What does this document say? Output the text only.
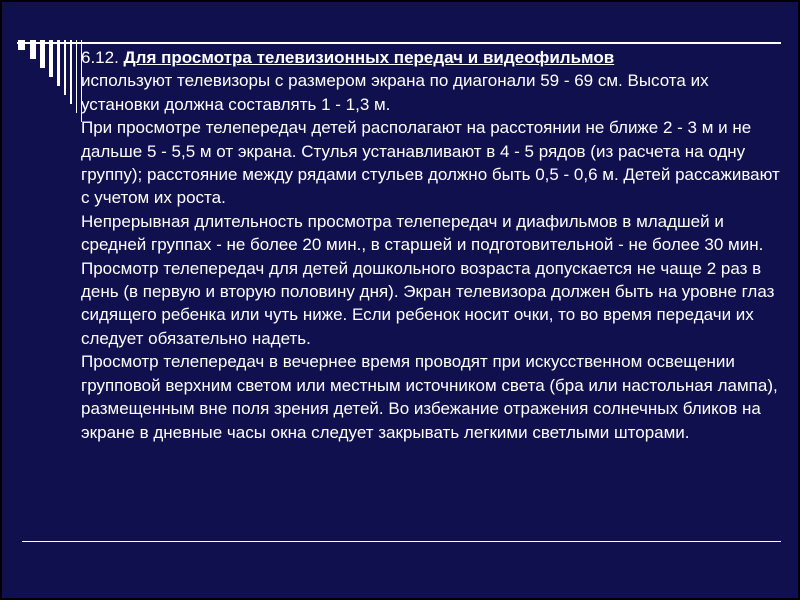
6.12. Для просмотра телевизионных передач и видеофильмов
используют телевизоры с размером экрана по диагонали 59 - 69 см. Высота их установки должна составлять 1 - 1,3 м.

При просмотре телепередач детей располагают на расстоянии не ближе 2 - 3 м и не дальше 5 - 5,5 м от экрана. Стулья устанавливают в 4 - 5 рядов (из расчета на одну группу); расстояние между рядами стульев должно быть 0,5 - 0,6 м. Детей рассаживают с учетом их роста.

Непрерывная длительность просмотра телепередач и диафильмов в младшей и средней группах - не более 20 мин., в старшей и подготовительной - не более 30 мин.

Просмотр телепередач для детей дошкольного возраста допускается не чаще 2 раз в день (в первую и вторую половину дня). Экран телевизора должен быть на уровне глаз сидящего ребенка или чуть ниже. Если ребенок носит очки, то во время передачи их следует обязательно надеть.

Просмотр телепередач в вечернее время проводят при искусственном освещении групповой верхним светом или местным источником света (бра или настольная лампа), размещенным вне поля зрения детей. Во избежание отражения солнечных бликов на экране в дневные часы окна следует закрывать легкими светлыми шторами.
